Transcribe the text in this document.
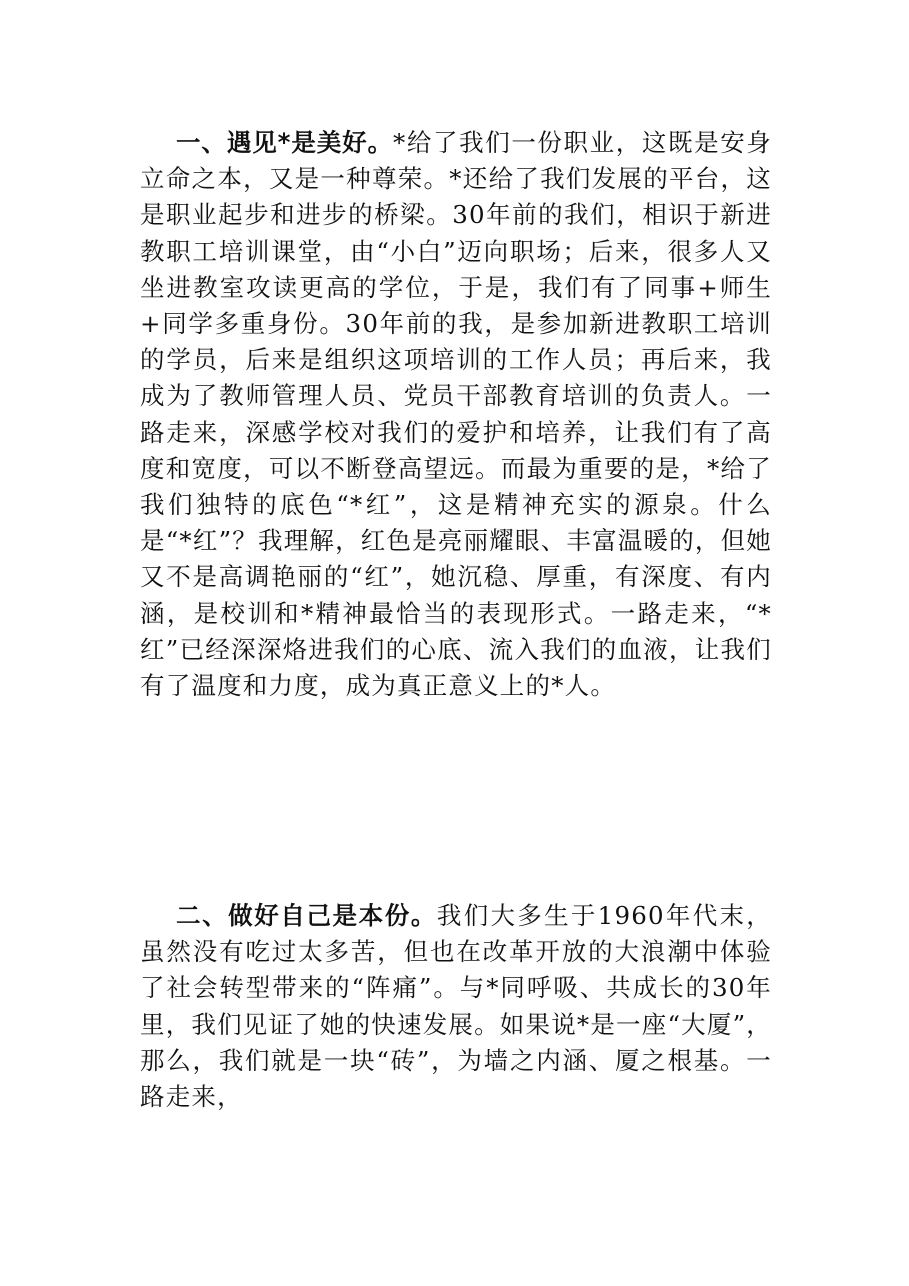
一、遇见*是美好。*给了我们一份职业，这既是安身立命之本，又是一种尊荣。*还给了我们发展的平台，这是职业起步和进步的桥梁。30年前的我们，相识于新进教职工培训课堂，由“小白”迈向职场；后来，很多人又坐进教室攻读更高的学位，于是，我们有了同事+师生+同学多重身份。30年前的我，是参加新进教职工培训的学员，后来是组织这项培训的工作人员；再后来，我成为了教师管理人员、党员干部教育培训的负责人。一路走来，深感学校对我们的爱护和培养，让我们有了高度和宽度，可以不断登高望远。而最为重要的是，*给了我们独特的底色“*红”，这是精神充实的源泉。什么是“*红”？我理解，红色是亮丽耀眼、丰富温暖的，但她又不是高调艳丽的“红”，她沉稳、厚重，有深度、有内涵，是校训和*精神最恰当的表现形式。一路走来，“*红”已经深深烙进我们的心底、流入我们的血液，让我们有了温度和力度，成为真正意义上的*人。

二、做好自己是本份。我们大多生于1960年代末，虽然没有吃过太多苦，但也在改革开放的大浪潮中体验了社会转型带来的“阵痛”。与*同呼吸、共成长的30年里，我们见证了她的快速发展。如果说*是一座“大厦”，那么，我们就是一块“砖”，为墙之内涵、厦之根基。一路走来，
